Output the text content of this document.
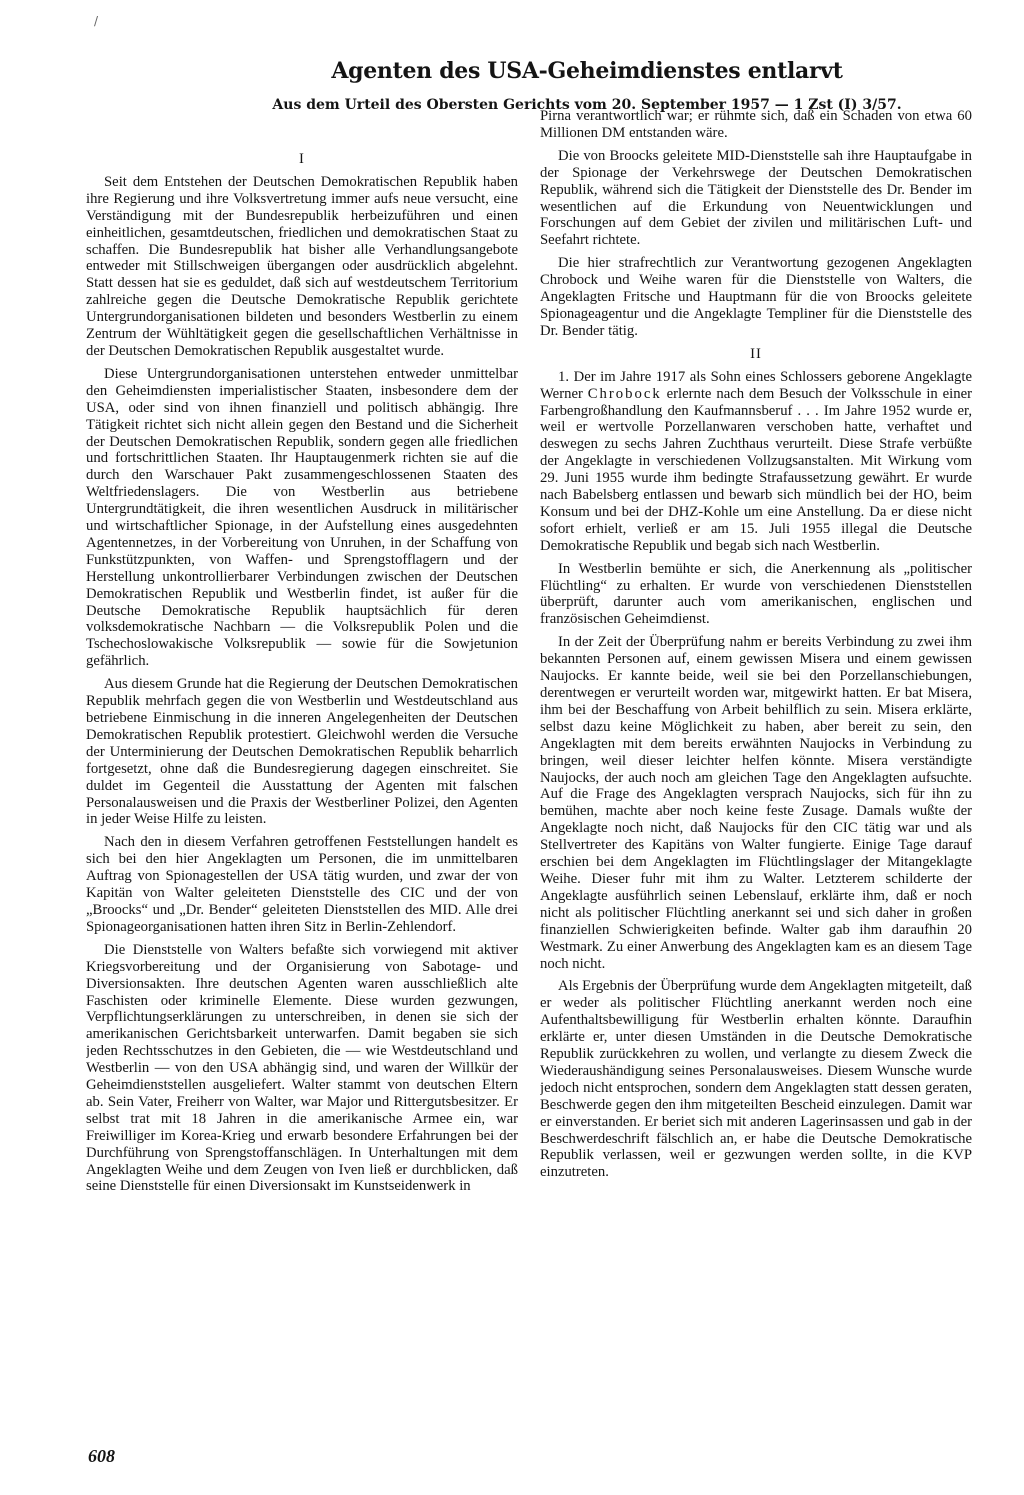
/
Agenten des USA-Geheimdienstes entlarvt
Aus dem Urteil des Obersten Gerichts vom 20. September 1957 — 1 Zst (I) 3/57.
I

Seit dem Entstehen der Deutschen Demokratischen Republik haben ihre Regierung und ihre Volksvertretung immer aufs neue versucht, eine Verständigung mit der Bundesrepublik herbeizuführen und einen einheitlichen, gesamtdeutschen, friedlichen und demokratischen Staat zu schaffen. Die Bundesrepublik hat bisher alle Verhandlungsangebote entweder mit Stillschweigen übergangen oder ausdrücklich abgelehnt. Statt dessen hat sie es geduldet, daß sich auf westdeutschem Territorium zahlreiche gegen die Deutsche Demokratische Republik gerichtete Untergrundorganisationen bildeten und besonders Westberlin zu einem Zentrum der Wühltätigkeit gegen die gesellschaftlichen Verhältnisse in der Deutschen Demokratischen Republik ausgestaltet wurde.

Diese Untergrundorganisationen unterstehen entweder unmittelbar den Geheimdiensten imperialistischer Staaten, insbesondere dem der USA, oder sind von ihnen finanziell und politisch abhängig. Ihre Tätigkeit richtet sich nicht allein gegen den Bestand und die Sicherheit der Deutschen Demokratischen Republik, sondern gegen alle friedlichen und fortschrittlichen Staaten. Ihr Hauptaugenmerk richten sie auf die durch den Warschauer Pakt zusammengeschlossenen Staaten des Weltfriedenslagers. Die von Westberlin aus betriebene Untergrundtätigkeit, die ihren wesentlichen Ausdruck in militärischer und wirtschaftlicher Spionage, in der Aufstellung eines ausgedehnten Agentennetzes, in der Vorbereitung von Unruhen, in der Schaffung von Funkstützpunkten, von Waffen- und Sprengstofflagern und der Herstellung unkontrollierbarer Verbindungen zwischen der Deutschen Demokratischen Republik und Westberlin findet, ist außer für die Deutsche Demokratische Republik hauptsächlich für deren volksdemokratische Nachbarn — die Volksrepublik Polen und die Tschechoslowakische Volksrepublik — sowie für die Sowjetunion gefährlich.

Aus diesem Grunde hat die Regierung der Deutschen Demokratischen Republik mehrfach gegen die von Westberlin und Westdeutschland aus betriebene Einmischung in die inneren Angelegenheiten der Deutschen Demokratischen Republik protestiert. Gleichwohl werden die Versuche der Unterminierung der Deutschen Demokratischen Republik beharrlich fortgesetzt, ohne daß die Bundesregierung dagegen einschreitet. Sie duldet im Gegenteil die Ausstattung der Agenten mit falschen Personalausweisen und die Praxis der Westberliner Polizei, den Agenten in jeder Weise Hilfe zu leisten.

Nach den in diesem Verfahren getroffenen Feststellungen handelt es sich bei den hier Angeklagten um Personen, die im unmittelbaren Auftrag von Spionagestellen der USA tätig wurden, und zwar der von Kapitän von Walter geleiteten Dienststelle des CIC und der von „Broocks“ und „Dr. Bender“ geleiteten Dienststellen des MID. Alle drei Spionageorganisationen hatten ihren Sitz in Berlin-Zehlendorf.

Die Dienststelle von Walters befaßte sich vorwiegend mit aktiver Kriegsvorbereitung und der Organisierung von Sabotage- und Diversionsakten. Ihre deutschen Agenten waren ausschließlich alte Faschisten oder kriminelle Elemente. Diese wurden gezwungen, Verpflichtungserklärungen zu unterschreiben, in denen sie sich der amerikanischen Gerichtsbarkeit unterwarfen. Damit begaben sie sich jeden Rechtsschutzes in den Gebieten, die — wie Westdeutschland und Westberlin — von den USA abhängig sind, und waren der Willkür der Geheimdienststellen ausgeliefert. Walter stammt von deutschen Eltern ab. Sein Vater, Freiherr von Walter, war Major und Rittergutsbesitzer. Er selbst trat mit 18 Jahren in die amerikanische Armee ein, war Freiwilliger im Korea-Krieg und erwarb besondere Erfahrungen bei der Durchführung von Sprengstoffanschlägen. In Unterhaltungen mit dem Angeklagten Weihe und dem Zeugen von Iven ließ er durchblicken, daß seine Dienststelle für einen Diversionsakt im Kunstseidenwerk in

Pirna verantwortlich war; er rühmte sich, daß ein Schaden von etwa 60 Millionen DM entstanden wäre.

Die von Broocks geleitete MID-Dienststelle sah ihre Hauptaufgabe in der Spionage der Verkehrswege der Deutschen Demokratischen Republik, während sich die Tätigkeit der Dienststelle des Dr. Bender im wesentlichen auf die Erkundung von Neuentwicklungen und Forschungen auf dem Gebiet der zivilen und militärischen Luft- und Seefahrt richtete.

Die hier strafrechtlich zur Verantwortung gezogenen Angeklagten Chrobock und Weihe waren für die Dienststelle von Walters, die Angeklagten Fritsche und Hauptmann für die von Broocks geleitete Spionageagentur und die Angeklagte Templiner für die Dienststelle des Dr. Bender tätig.

II

1. Der im Jahre 1917 als Sohn eines Schlossers geborene Angeklagte Werner Chrobock erlernte nach dem Besuch der Volksschule in einer Farbengroßhandlung den Kaufmannsberuf . . . Im Jahre 1952 wurde er, weil er wertvolle Porzellanwaren verschoben hatte, verhaftet und deswegen zu sechs Jahren Zuchthaus verurteilt. Diese Strafe verbüßte der Angeklagte in verschiedenen Vollzugsanstalten. Mit Wirkung vom 29. Juni 1955 wurde ihm bedingte Strafaussetzung gewährt. Er wurde nach Babelsberg entlassen und bewarb sich mündlich bei der HO, beim Konsum und bei der DHZ-Kohle um eine Anstellung. Da er diese nicht sofort erhielt, verließ er am 15. Juli 1955 illegal die Deutsche Demokratische Republik und begab sich nach Westberlin.

In Westberlin bemühte er sich, die Anerkennung als „politischer Flüchtling“ zu erhalten. Er wurde von verschiedenen Dienststellen überprüft, darunter auch vom amerikanischen, englischen und französischen Geheimdienst.

In der Zeit der Überprüfung nahm er bereits Verbindung zu zwei ihm bekannten Personen auf, einem gewissen Misera und einem gewissen Naujocks. Er kannte beide, weil sie bei den Porzellanschiebungen, derentwegen er verurteilt worden war, mitgewirkt hatten. Er bat Misera, ihm bei der Beschaffung von Arbeit behilflich zu sein. Misera erklärte, selbst dazu keine Möglichkeit zu haben, aber bereit zu sein, den Angeklagten mit dem bereits erwähnten Naujocks in Verbindung zu bringen, weil dieser leichter helfen könnte. Misera verständigte Naujocks, der auch noch am gleichen Tage den Angeklagten aufsuchte. Auf die Frage des Angeklagten versprach Naujocks, sich für ihn zu bemühen, machte aber noch keine feste Zusage. Damals wußte der Angeklagte noch nicht, daß Naujocks für den CIC tätig war und als Stellvertreter des Kapitäns von Walter fungierte. Einige Tage darauf erschien bei dem Angeklagten im Flüchtlingslager der Mitangeklagte Weihe. Dieser fuhr mit ihm zu Walter. Letzterem schilderte der Angeklagte ausführlich seinen Lebenslauf, erklärte ihm, daß er noch nicht als politischer Flüchtling anerkannt sei und sich daher in großen finanziellen Schwierigkeiten befinde. Walter gab ihm daraufhin 20 Westmark. Zu einer Anwerbung des Angeklagten kam es an diesem Tage noch nicht.

Als Ergebnis der Überprüfung wurde dem Angeklagten mitgeteilt, daß er weder als politischer Flüchtling anerkannt werden noch eine Aufenthaltsbewilligung für Westberlin erhalten könnte. Daraufhin erklärte er, unter diesen Umständen in die Deutsche Demokratische Republik zurückkehren zu wollen, und verlangte zu diesem Zweck die Wiederaushändigung seines Personalausweises. Diesem Wunsche wurde jedoch nicht entsprochen, sondern dem Angeklagten statt dessen geraten, Beschwerde gegen den ihm mitgeteilten Bescheid einzulegen. Damit war er einverstanden. Er beriet sich mit anderen Lagerinsassen und gab in der Beschwerdeschrift fälschlich an, er habe die Deutsche Demokratische Republik verlassen, weil er gezwungen werden sollte, in die KVP einzutreten.

608
